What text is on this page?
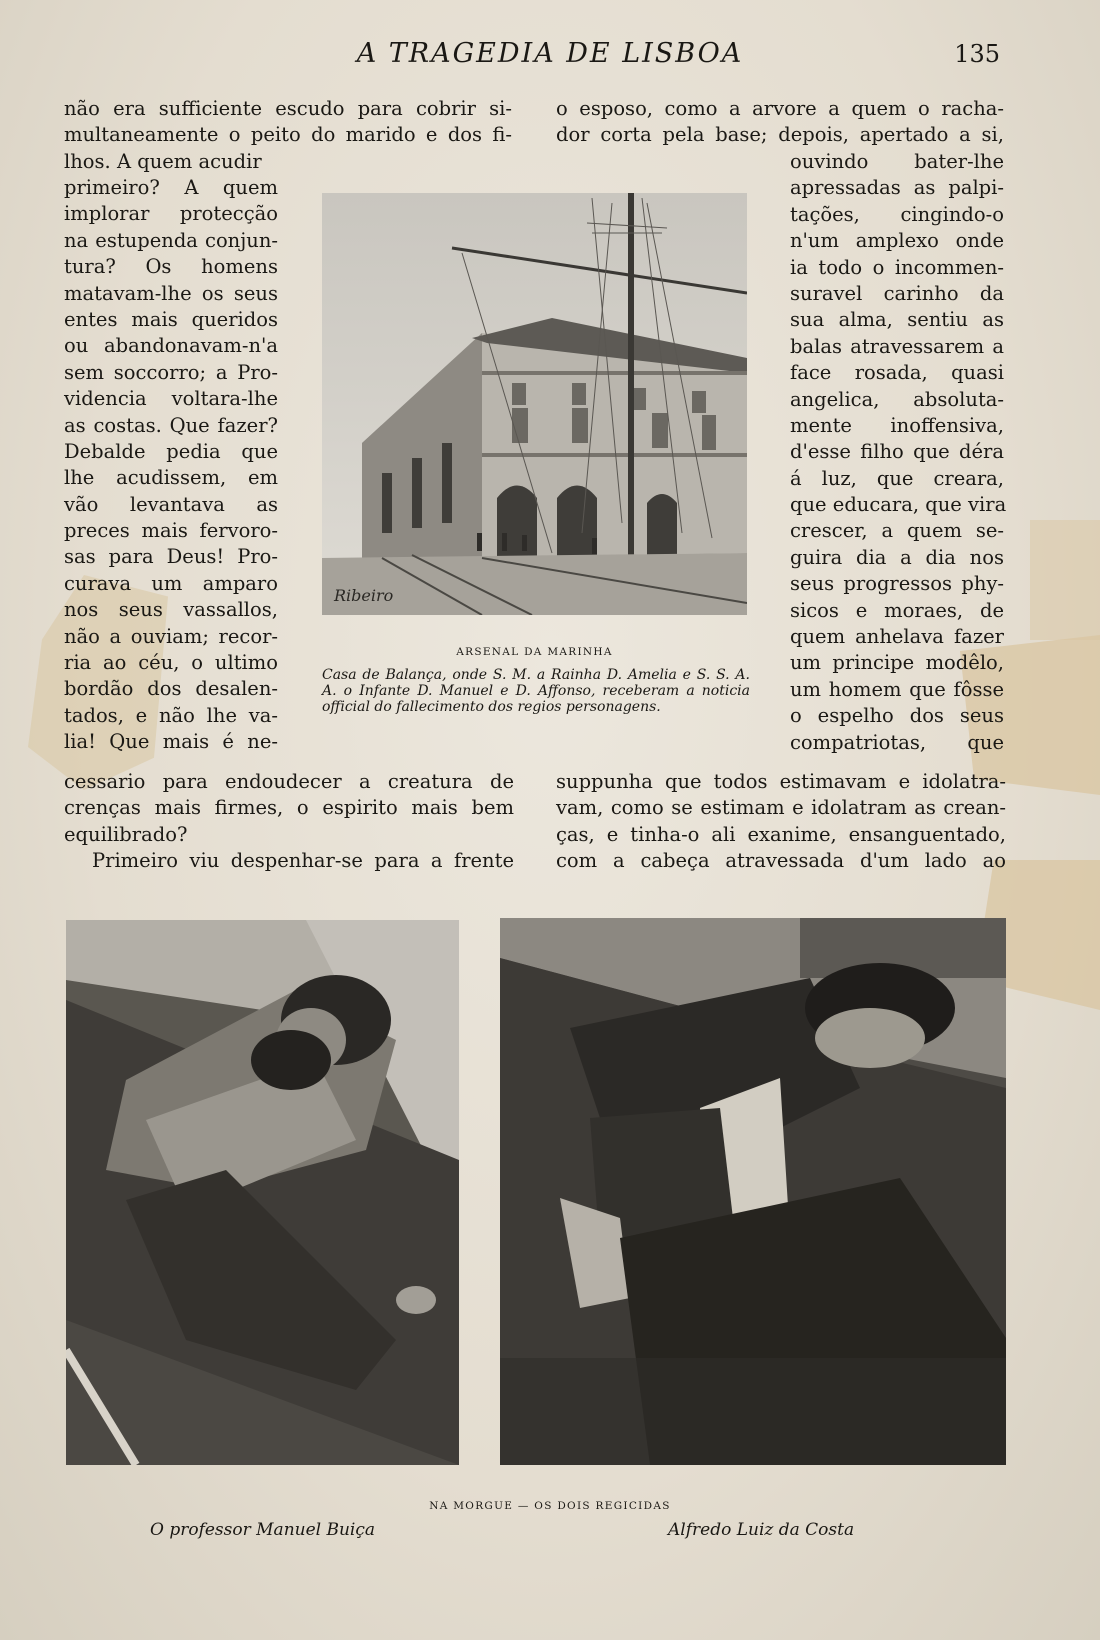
A TRAGEDIA DE LISBOA	135
não era sufficiente escudo para cobrir si-
multaneamente o peito do marido e dos fi-
lhos. A quem acudir
primeiro? A quem
implorar protecção
na estupenda conjun-
tura? Os homens
matavam-lhe os seus
entes mais queridos
ou abandonavam-n'a
sem soccorro; a Pro-
videncia voltara-lhe
as costas. Que fazer?
Debalde pedia que
lhe acudissem, em
vão levantava as
preces mais fervoro-
sas para Deus! Pro-
curava um amparo
nos seus vassallos,
não a ouviam; recor-
ria ao céu, o ultimo
bordão dos desalen-
tados, e não lhe va-
lia! Que mais é ne-
cessario para endoudecer a creatura de
crenças mais firmes, o espirito mais bem
equilibrado?
Primeiro viu despenhar-se para a frente
o esposo, como a arvore a quem o racha-
dor corta pela base; depois, apertado a si,
ouvindo bater-lhe
apressadas as palpi-
tações, cingindo-o
n'um amplexo onde
ia todo o incommen-
suravel carinho da
sua alma, sentiu as
balas atravessarem a
face rosada, quasi
angelica, absoluta-
mente inoffensiva,
d'esse filho que déra
á luz, que creara,
que educara, que vira
crescer, a quem se-
guira dia a dia nos
seus progressos phy-
sicos e moraes, de
quem anhelava fazer
um principe modêlo,
um homem que fôsse
o espelho dos seus
compatriotas, que
suppunha que todos estimavam e idolatra-
vam, como se estimam e idolatram as crean-
ças, e tinha-o ali exanime, ensanguentado,
com a cabeça atravessada d'um lado ao
Ribeiro
ARSENAL DA MARINHA
Casa de Balança, onde S. M. a Rainha D. Amelia e S. S. A. A. o Infante D. Manuel e D. Affonso, receberam a noticia official do fallecimento dos regios personagens.
NA MORGUE — OS DOIS REGICIDAS
O professor Manuel Buiça	Alfredo Luiz da Costa
